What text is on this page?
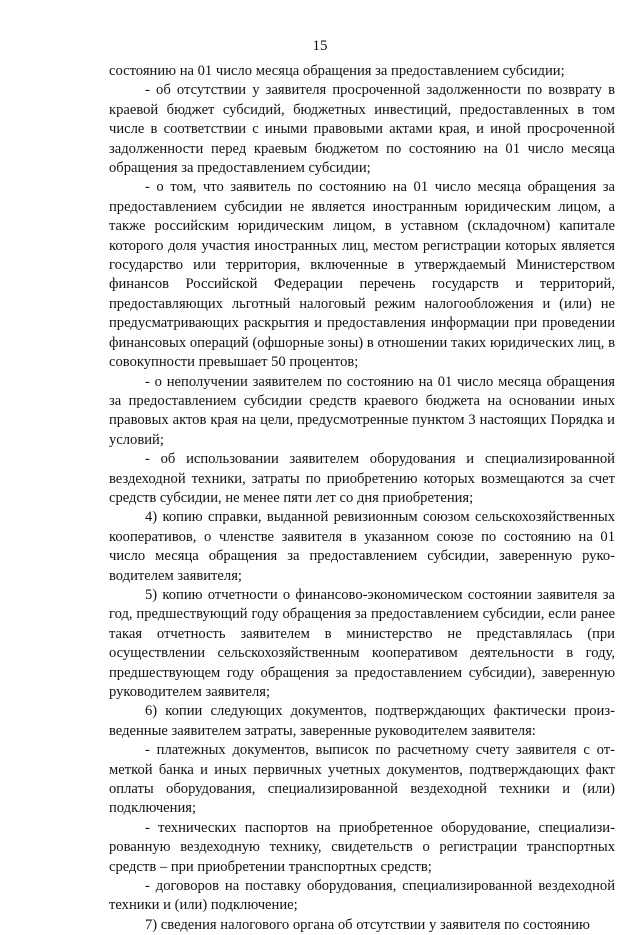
15

состоянию на 01 число месяца обращения за предоставлением субсидии;

- об отсутствии у заявителя просроченной задолженности по возврату в краевой бюджет субсидий, бюджетных инвестиций, предоставленных в том числе в соответствии с иными правовыми актами края, и иной просроченной задолженности перед краевым бюджетом по состоянию на 01 число месяца обращения за предоставлением субсидии;

- о том, что заявитель по состоянию на 01 число месяца обращения за предоставлением субсидии не является иностранным юридическим лицом, а также российским юридическим лицом, в уставном (складочном) капитале которого доля участия иностранных лиц, местом регистрации которых является государство или территория, включенные в утверждаемый Министерством финансов Российской Федерации перечень государств и территорий, предоставляющих льготный налоговый режим налогообложения и (или) не предусматривающих раскрытия и предоставления информации при проведении финансовых операций (офшорные зоны) в отношении таких юридических лиц, в совокупности превышает 50 процентов;

- о неполучении заявителем по состоянию на 01 число месяца обращения за предоставлением субсидии средств краевого бюджета на основании иных правовых актов края на цели, предусмотренные пунктом 3 настоящих Порядка и условий;

- об использовании заявителем оборудования и специализированной вездеходной техники, затраты по приобретению которых возмещаются за счет средств субсидии, не менее пяти лет со дня приобретения;

4) копию справки, выданной ревизионным союзом сельскохозяйственных кооперативов, о членстве заявителя в указанном союзе по состоянию на 01 число месяца обращения за предоставлением субсидии, заверенную руководителем заявителя;

5) копию отчетности о финансово-экономическом состоянии заявителя за год, предшествующий году обращения за предоставлением субсидии, если ранее такая отчетность заявителем в министерство не представлялась (при осуществлении сельскохозяйственным кооперативом деятельности в году, предшествующем году обращения за предоставлением субсидии), заверенную руководителем заявителя;

6) копии следующих документов, подтверждающих фактически произведенные заявителем затраты, заверенные руководителем заявителя:

- платежных документов, выписок по расчетному счету заявителя с отметкой банка и иных первичных учетных документов, подтверждающих факт оплаты оборудования, специализированной вездеходной техники и (или) подключения;

- технических паспортов на приобретенное оборудование, специализированную вездеходную технику, свидетельств о регистрации транспортных средств – при приобретении транспортных средств;

- договоров на поставку оборудования, специализированной вездеходной техники и (или) подключение;

7) сведения налогового органа об отсутствии у заявителя по состоянию
